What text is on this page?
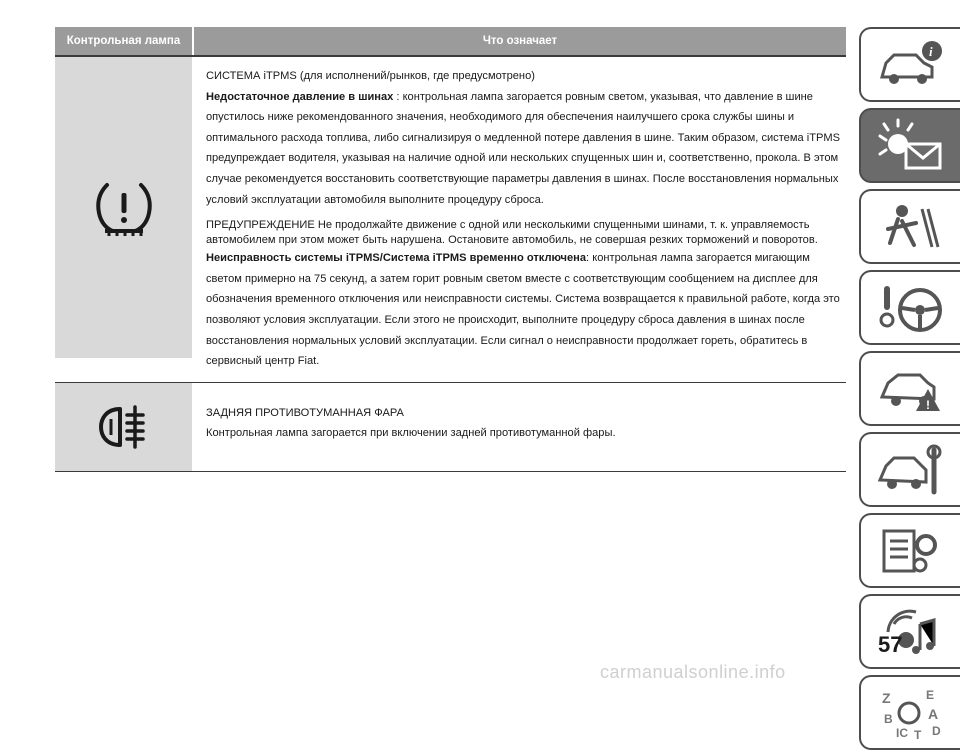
Контрольная лампа	Что означает

СИСТЕМА iTPMS (для исполнений/рынков, где предусмотрено)

Недостаточное давление в шинах : контрольная лампа загорается ровным светом, указывая, что давление в шине опустилось ниже рекомендованного значения, необходимого для обеспечения наилучшего срока службы шины и оптимального расхода топлива, либо сигнализируя о медленной потере давления в шине. Таким образом, система iTPMS предупреждает водителя, указывая на наличие одной или нескольких спущенных шин и, соответственно, прокола. В этом случае рекомендуется восстановить соответствующие параметры давления в шинах. После восстановления нормальных условий эксплуатации автомобиля выполните процедуру сброса.

ПРЕДУПРЕЖДЕНИЕ Не продолжайте движение с одной или несколькими спущенными шинами, т. к. управляемость автомобилем при этом может быть нарушена. Остановите автомобиль, не совершая резких торможений и поворотов.

Неисправность системы iTPMS/Система iTPMS временно отключена: контрольная лампа загорается мигающим светом примерно на 75 секунд, а затем горит ровным светом вместе с соответствующим сообщением на дисплее для обозначения временного отключения или неисправности системы. Система возвращается к правильной работе, когда это позволяют условия эксплуатации. Если этого не происходит, выполните процедуру сброса давления в шинах после восстановления нормальных условий эксплуатации. Если сигнал о неисправности продолжает гореть, обратитесь в сервисный центр Fiat.

ЗАДНЯЯ ПРОТИВОТУМАННАЯ ФАРА

Контрольная лампа загорается при включении задней противотуманной фары.

i
!
Z	E
B	A
IC T D
57
carmanualsonline.info
